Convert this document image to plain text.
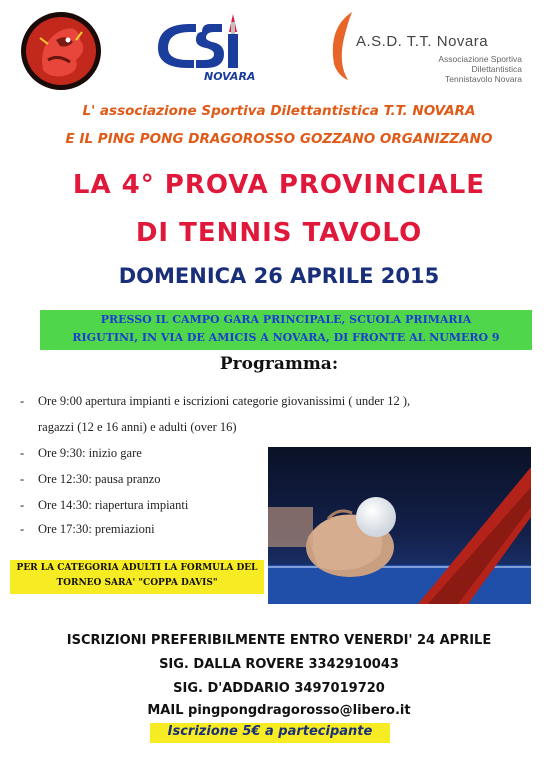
NOVARA
A.S.D. T.T. Novara
Associazione Sportiva
Dilettantistica
Tennistavolo Novara
L' associazione Sportiva Dilettantistica T.T. NOVARA
E IL PING PONG DRAGOROSSO GOZZANO ORGANIZZANO
LA 4° PROVA PROVINCIALE
DI TENNIS TAVOLO
DOMENICA 26 APRILE 2015
PRESSO IL CAMPO GARA PRINCIPALE, SCUOLA PRIMARIA
RIGUTINI, IN VIA DE AMICIS A NOVARA, DI FRONTE AL NUMERO 9
Programma:
- Ore 9:00 apertura impianti e iscrizioni categorie giovanissimi ( under 12 ),
ragazzi (12 e 16 anni) e adulti (over 16)
- Ore 9:30: inizio gare
- Ore 12:30: pausa pranzo
- Ore 14:30: riapertura impianti
- Ore 17:30: premiazioni
PER LA CATEGORIA ADULTI LA FORMULA DEL
TORNEO SARA' "COPPA DAVIS"
ISCRIZIONI PREFERIBILMENTE ENTRO VENERDI' 24 APRILE
SIG. DALLA ROVERE 3342910043
SIG. D'ADDARIO 3497019720
MAIL pingpongdragorosso@libero.it
Iscrizione 5€ a partecipante
